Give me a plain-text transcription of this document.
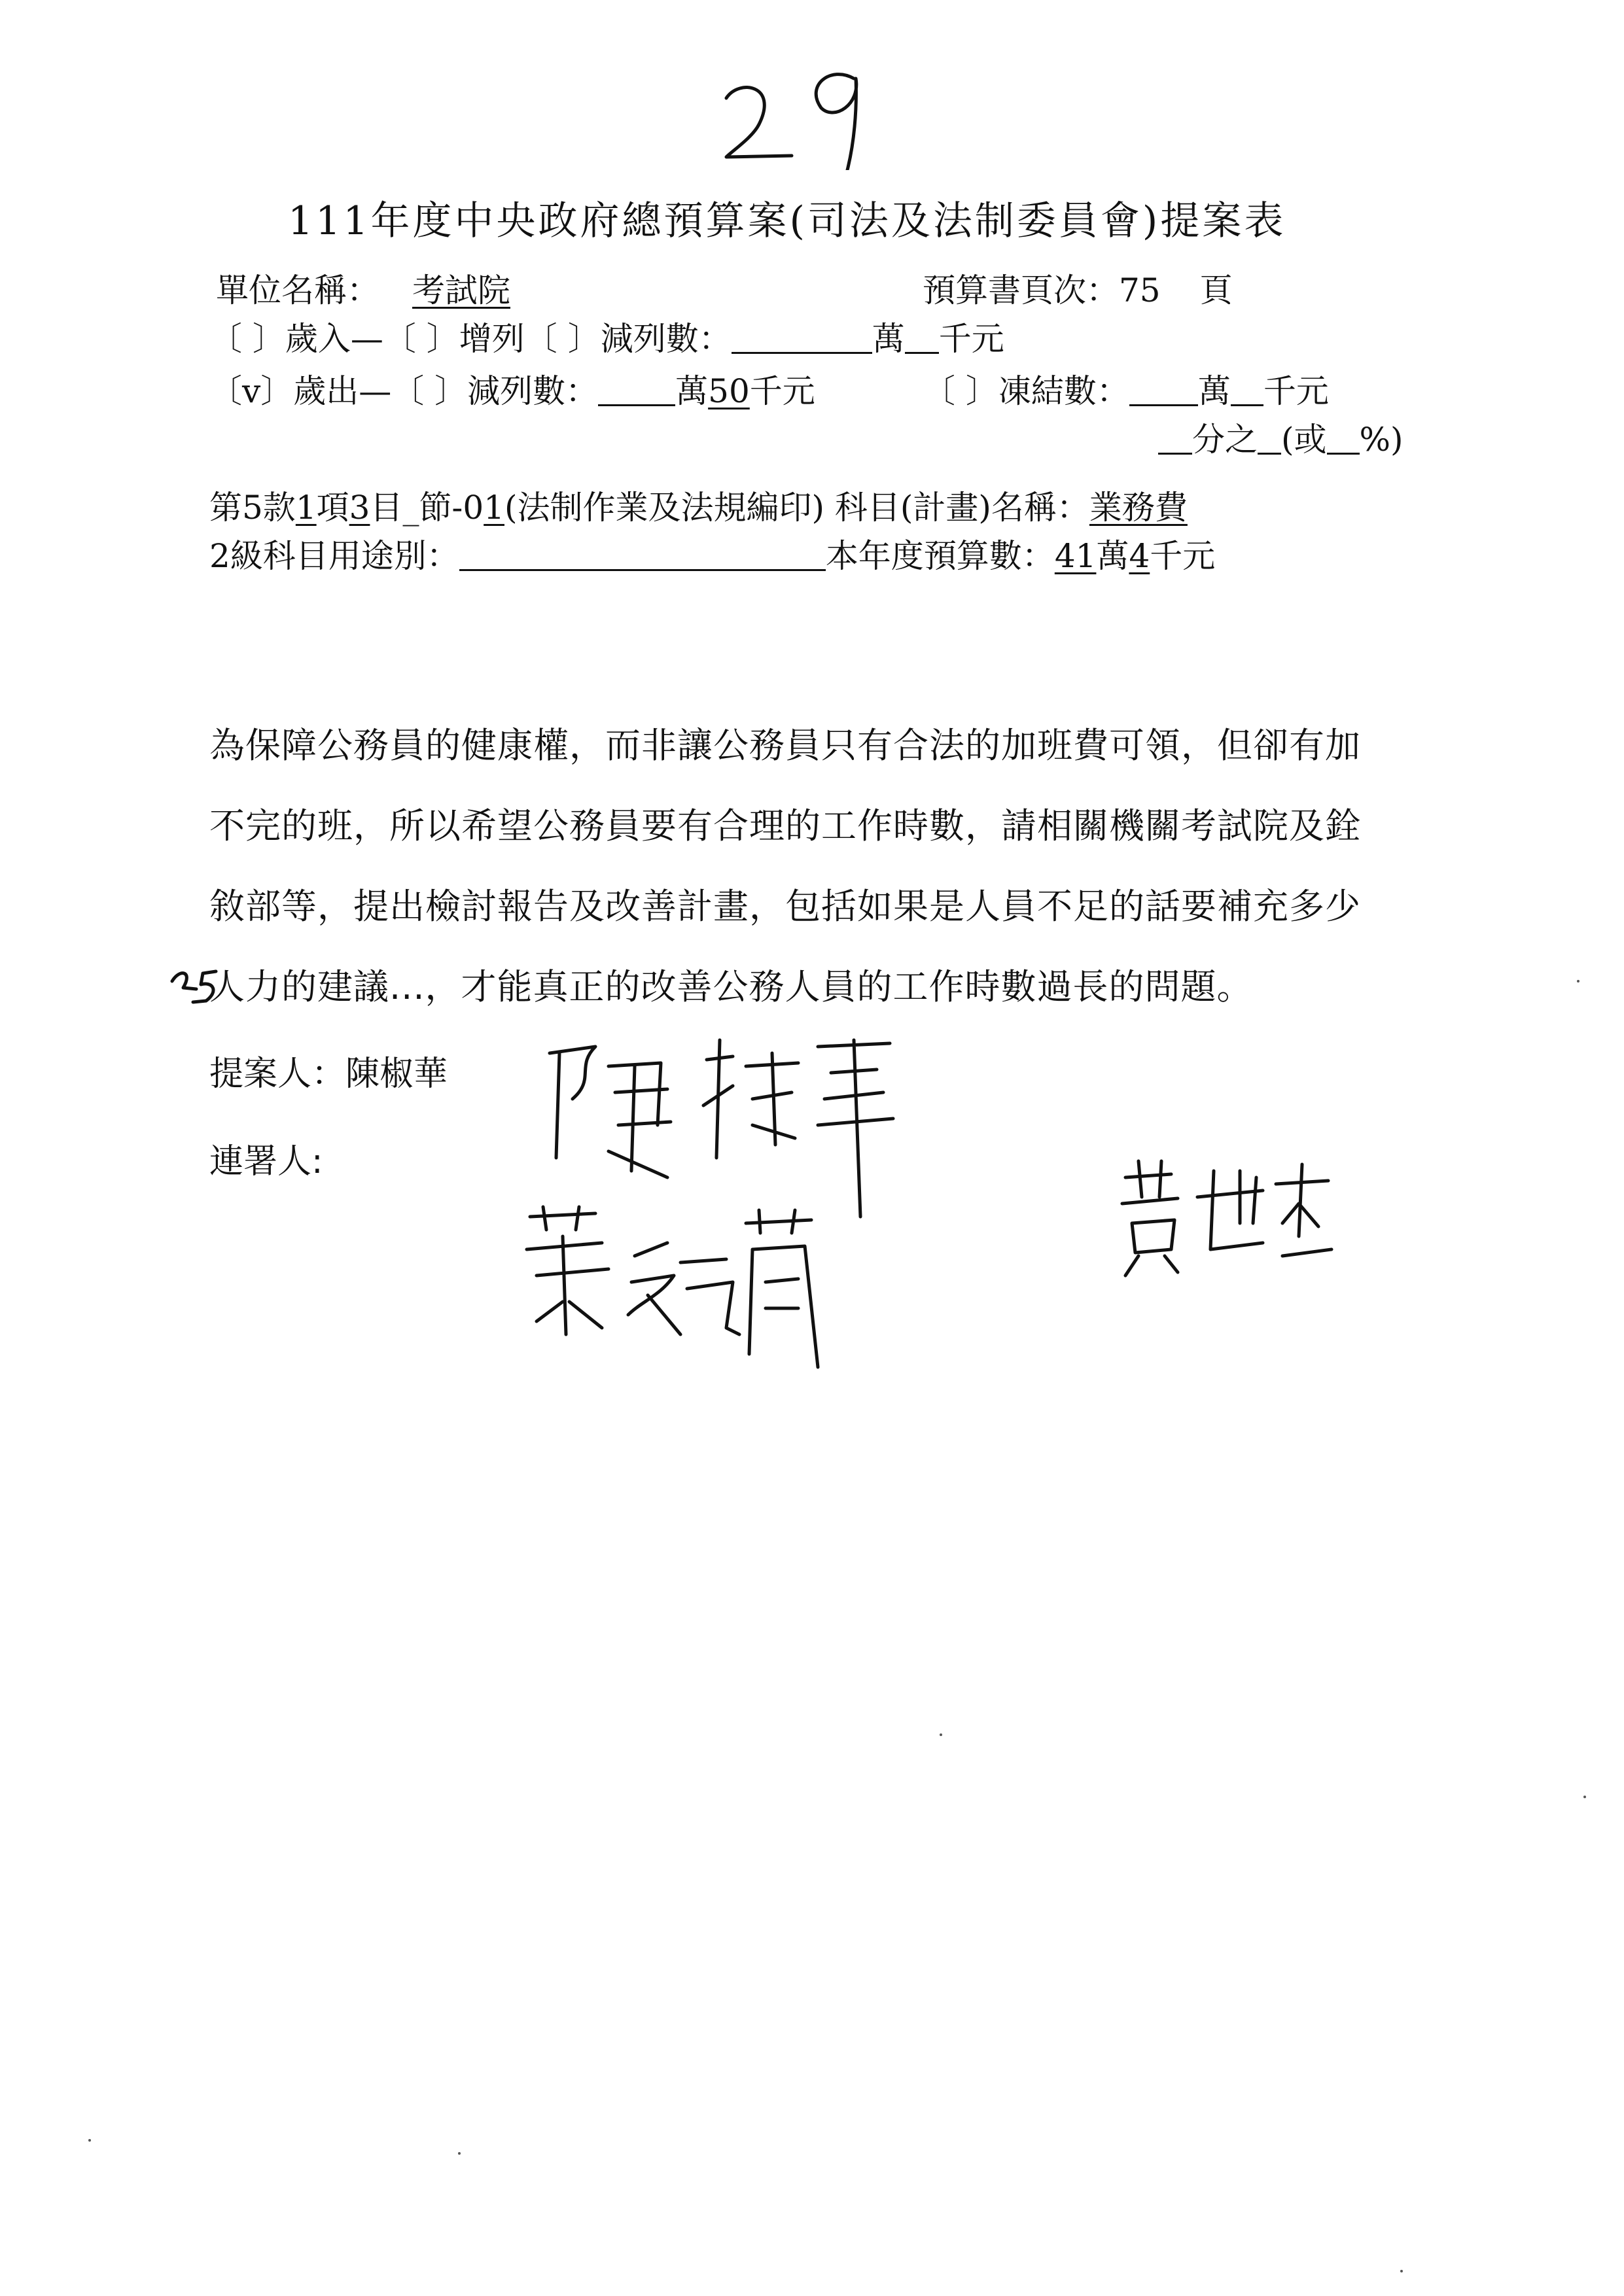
111年度中央政府總預算案(司法及法制委員會)提案表
單位名稱： 考試院	預算書頁次：75 頁
〔 〕歲入—〔 〕增列〔 〕減列數：	萬 千元
〔v〕歲出—〔 〕減列數： 萬50千元	〔 〕凍結數： 萬 千元
分之 (或 %)
第5款1項3目_節-01(法制作業及法規編印) 科目(計畫)名稱：業務費
2級科目用途別：	本年度預算數：41萬4千元
為保障公務員的健康權，而非讓公務員只有合法的加班費可領，但卻有加
不完的班，所以希望公務員要有合理的工作時數，請相關機關考試院及銓
敘部等，提出檢討報告及改善計畫，包括如果是人員不足的話要補充多少
人力的建議...，才能真正的改善公務人員的工作時數過長的問題。
提案人：陳椒華
連署人:
